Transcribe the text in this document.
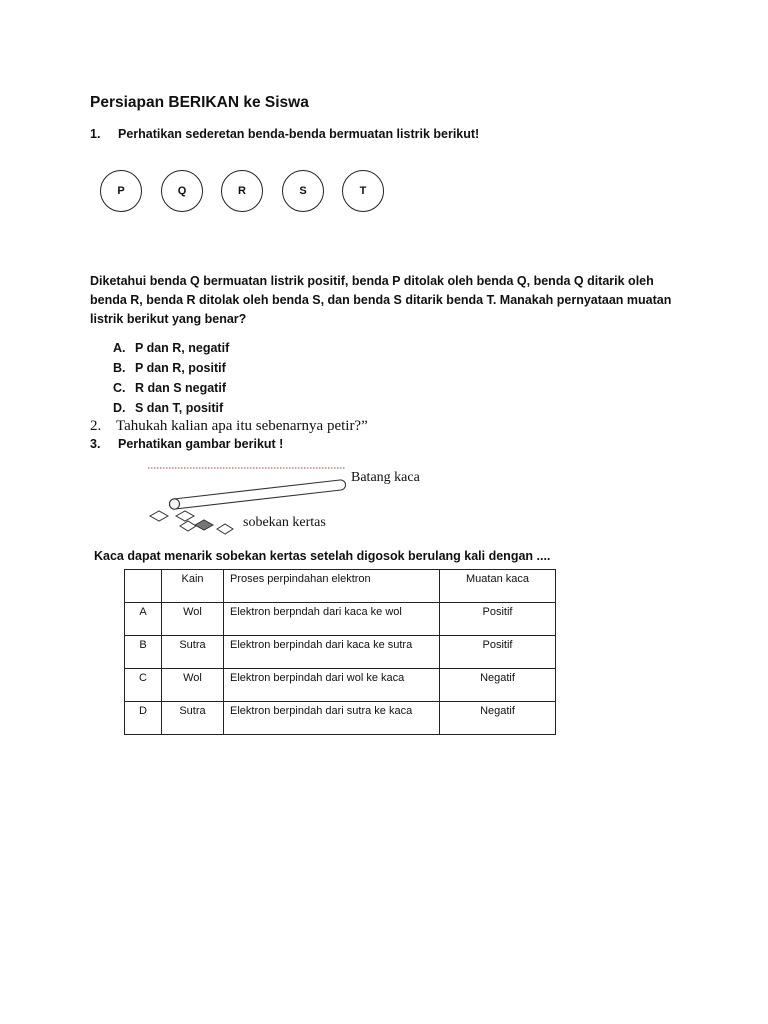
Persiapan BERIKAN ke Siswa
1. Perhatikan sederetan benda-benda bermuatan listrik berikut!
P	Q	R	S	T
Diketahui benda Q bermuatan listrik positif, benda P ditolak oleh benda Q, benda Q ditarik oleh benda R, benda R ditolak oleh benda S, dan benda S ditarik benda T. Manakah pernyataan muatan listrik berikut yang benar?
A. P dan R, negatif
B. P dan R, positif
C. R dan S negatif
D. S dan T, positif
2. Tahukah kalian apa itu sebenarnya petir?”
3. Perhatikan gambar berikut !
Batang kaca
sobekan kertas
Kaca dapat menarik sobekan kertas setelah digosok berulang kali dengan ....
	Kain	Proses perpindahan elektron	Muatan kaca
A	Wol	Elektron berpndah dari kaca ke wol	Positif
B	Sutra	Elektron berpindah dari kaca ke sutra	Positif
C	Wol	Elektron berpindah dari wol ke kaca	Negatif
D	Sutra	Elektron berpindah dari sutra ke kaca	Negatif
